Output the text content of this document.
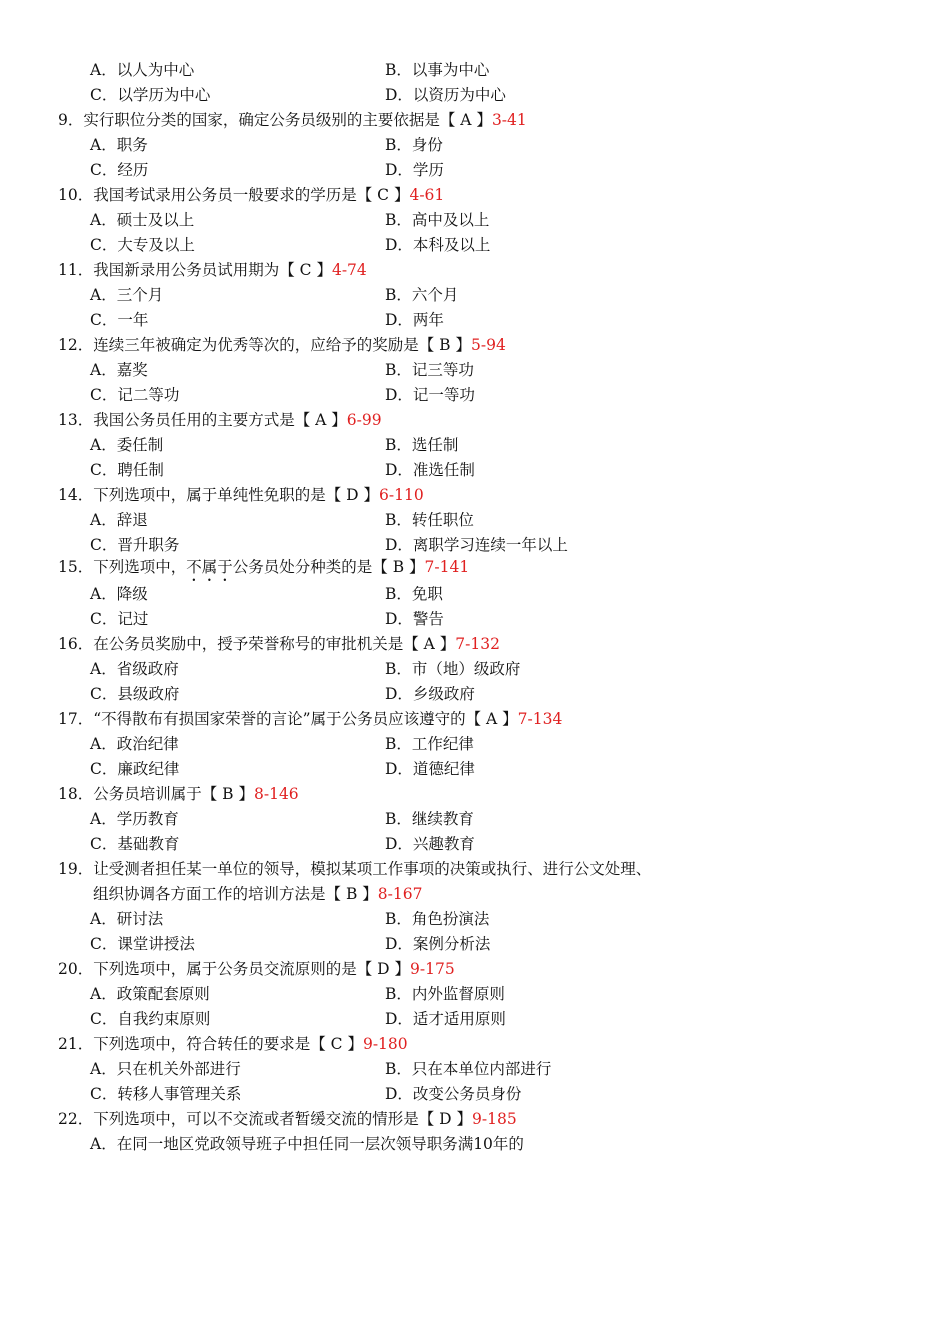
A．以人为中心	B．以事为中心
C．以学历为中心	D．以资历为中心
9．实行职位分类的国家，确定公务员级别的主要依据是【 A 】3-41
A．职务	B．身份
C．经历	D．学历
10．我国考试录用公务员一般要求的学历是【 C 】4-61
A．硕士及以上	B．高中及以上
C．大专及以上	D．本科及以上
11．我国新录用公务员试用期为【 C 】4-74
A．三个月	B．六个月
C．一年	D．两年
12．连续三年被确定为优秀等次的，应给予的奖励是【 B 】5-94
A．嘉奖	B．记三等功
C．记二等功	D．记一等功
13．我国公务员任用的主要方式是【 A 】6-99
A．委任制	B．选任制
C．聘任制	D．准选任制
14．下列选项中，属于单纯性免职的是【 D 】6-110
A．辞退	B．转任职位
C．晋升职务	D．离职学习连续一年以上
15．下列选项中，不属于公务员处分种类的是【 B 】7-141
A．降级	B．免职
C．记过	D．警告
16．在公务员奖励中，授予荣誉称号的审批机关是【 A 】7-132
A．省级政府	B．市（地）级政府
C．县级政府	D．乡级政府
17．“不得散布有损国家荣誉的言论”属于公务员应该遵守的【 A 】7-134
A．政治纪律	B．工作纪律
C．廉政纪律	D．道德纪律
18．公务员培训属于【 B 】8-146
A．学历教育	B．继续教育
C．基础教育	D．兴趣教育
19．让受测者担任某一单位的领导，模拟某项工作事项的决策或执行、进行公文处理、
组织协调各方面工作的培训方法是【 B 】8-167
A．研讨法	B．角色扮演法
C．课堂讲授法	D．案例分析法
20．下列选项中，属于公务员交流原则的是【 D 】9-175
A．政策配套原则	B．内外监督原则
C．自我约束原则	D．适才适用原则
21．下列选项中，符合转任的要求是【 C 】9-180
A．只在机关外部进行	B．只在本单位内部进行
C．转移人事管理关系	D．改变公务员身份
22．下列选项中，可以不交流或者暂缓交流的情形是【 D 】9-185
A．在同一地区党政领导班子中担任同一层次领导职务满10年的
